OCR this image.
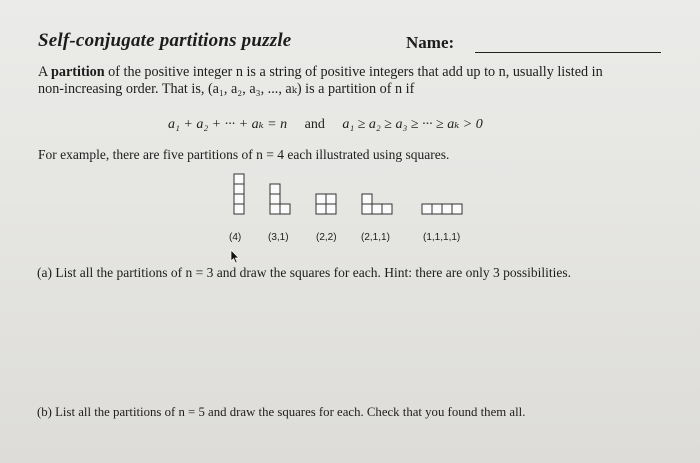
Self-conjugate partitions puzzle	Name:
A partition of the positive integer n is a string of positive integers that add up to n, usually listed in
non-increasing order. That is, (a₁, a₂, a₃, ..., aₖ) is a partition of n if
a₁ + a₂ + ··· + aₖ = n and a₁ ≥ a₂ ≥ a₃ ≥ ··· ≥ aₖ > 0
For example, there are five partitions of n = 4 each illustrated using squares.
(4)	(3,1)	(2,2) (2,1,1)	(1,1,1,1)
(a) List all the partitions of n = 3 and draw the squares for each. Hint: there are only 3 possibilities.
(b) List all the partitions of n = 5 and draw the squares for each. Check that you found them all.
